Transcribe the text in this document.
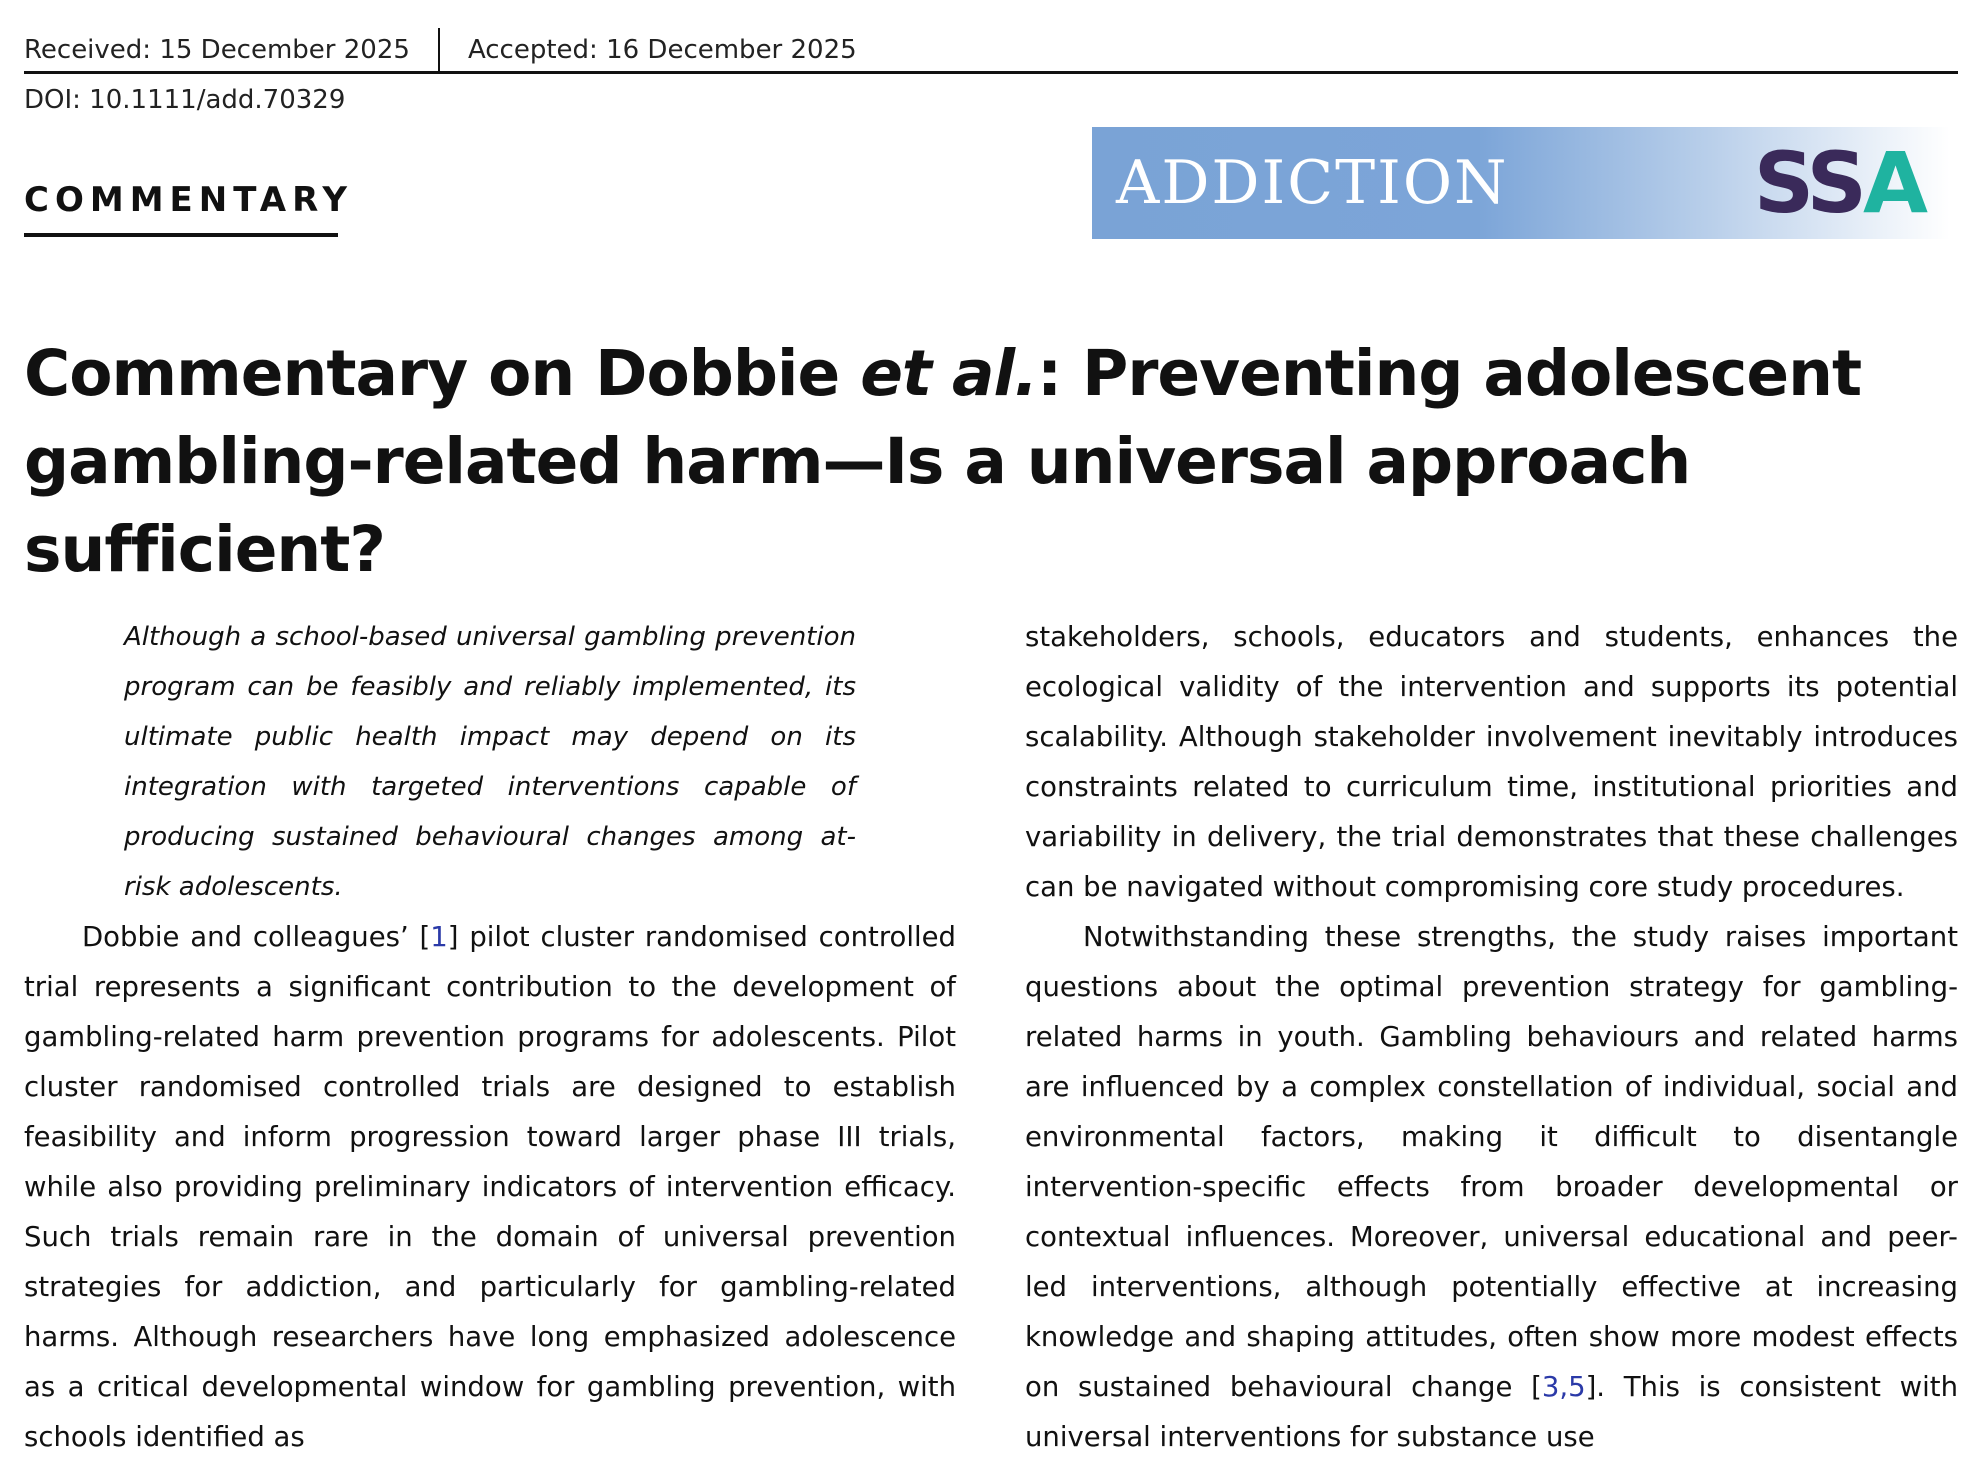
Received: 15 December 2025 Accepted: 16 December 2025
DOI: 10.1111/add.70329
COMMENTARY	ADDICTION	SSA
Commentary on Dobbie et al.: Preventing adolescent gambling-related harm—Is a universal approach sufficient?
Although a school-based universal gambling prevention program can be feasibly and reliably implemented, its ultimate public health impact may depend on its integration with targeted interventions capable of producing sustained behavioural changes among at-risk adolescents.

Dobbie and colleagues’ [1] pilot cluster randomised controlled trial represents a significant contribution to the development of gambling-related harm prevention programs for adolescents. Pilot cluster randomised controlled trials are designed to establish feasibility and inform progression toward larger phase III trials, while also providing preliminary indicators of intervention efficacy. Such trials remain rare in the domain of universal prevention strategies for addiction, and particularly for gambling-related harms. Although researchers have long emphasized adolescence as a critical developmental window for gambling prevention, with schools identified as

stakeholders, schools, educators and students, enhances the ecological validity of the intervention and supports its potential scalability. Although stakeholder involvement inevitably introduces constraints related to curriculum time, institutional priorities and variability in delivery, the trial demonstrates that these challenges can be navigated without compromising core study procedures.

Notwithstanding these strengths, the study raises important questions about the optimal prevention strategy for gambling-related harms in youth. Gambling behaviours and related harms are influenced by a complex constellation of individual, social and environmental factors, making it difficult to disentangle intervention-specific effects from broader developmental or contextual influences. Moreover, universal educational and peer-led interventions, although potentially effective at increasing knowledge and shaping attitudes, often show more modest effects on sustained behavioural change [3,5]. This is consistent with universal interventions for substance use
